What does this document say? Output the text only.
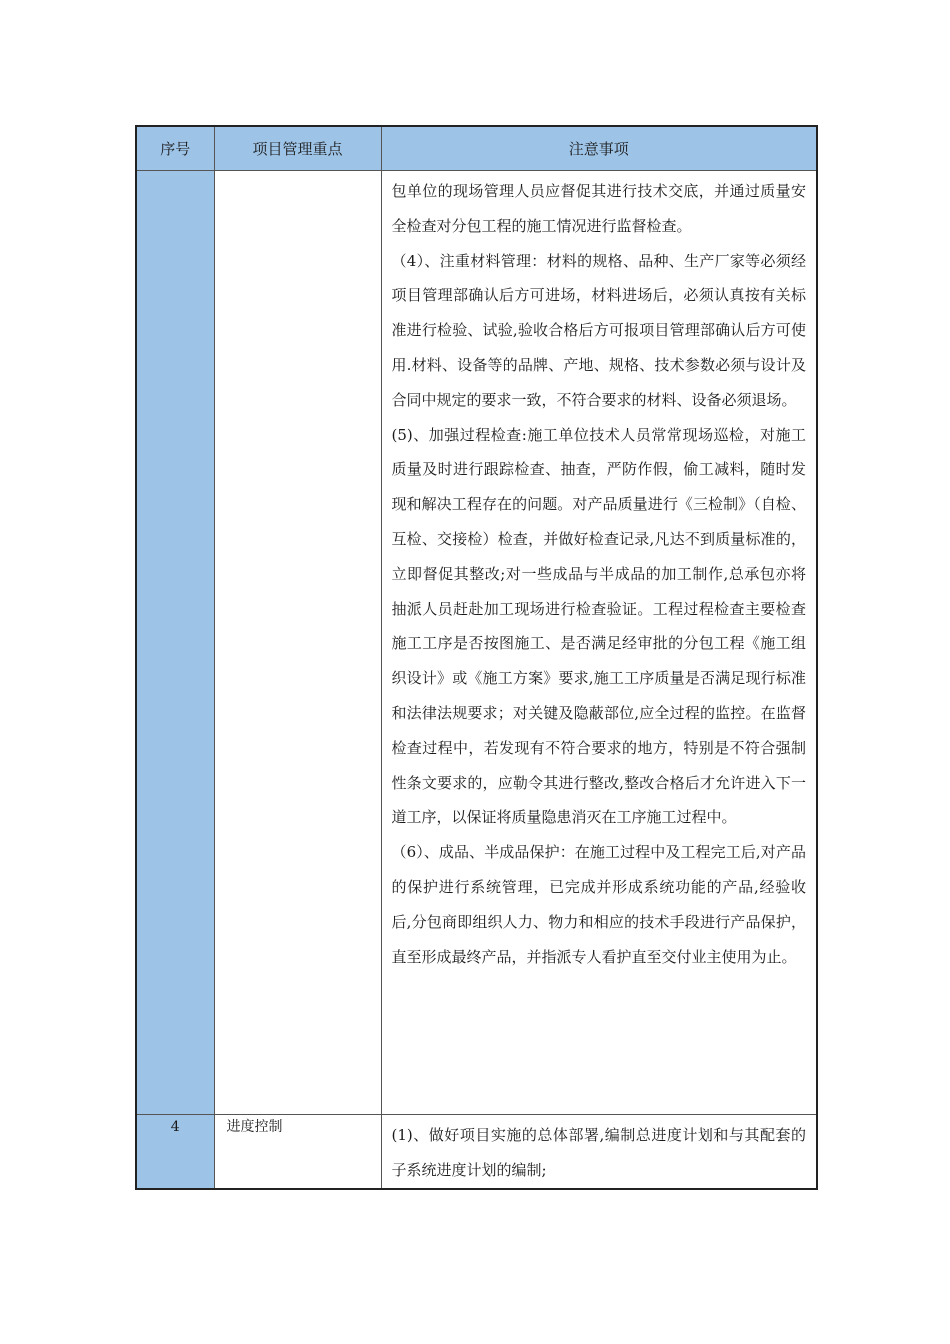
序号	项目管理重点	注意事项

		包单位的现场管理人员应督促其进行技术交底，并通过质量安全检查对分包工程的施工情况进行监督检查。
（4）、注重材料管理：材料的规格、品种、生产厂家等必须经项目管理部确认后方可进场，材料进场后，必须认真按有关标准进行检验、试验,验收合格后方可报项目管理部确认后方可使用.材料、设备等的品牌、产地、规格、技术参数必须与设计及合同中规定的要求一致，不符合要求的材料、设备必须退场。
(5)、加强过程检查:施工单位技术人员常常现场巡检，对施工质量及时进行跟踪检查、抽查，严防作假，偷工减料，随时发现和解决工程存在的问题。对产品质量进行《三检制》（自检、互检、交接检）检查，并做好检查记录,凡达不到质量标准的，立即督促其整改;对一些成品与半成品的加工制作,总承包亦将抽派人员赶赴加工现场进行检查验证。工程过程检查主要检查施工工序是否按图施工、是否满足经审批的分包工程《施工组织设计》或《施工方案》要求,施工工序质量是否满足现行标准和法律法规要求；对关键及隐蔽部位,应全过程的监控。在监督检查过程中，若发现有不符合要求的地方，特别是不符合强制性条文要求的，应勒令其进行整改,整改合格后才允许进入下一道工序，以保证将质量隐患消灭在工序施工过程中。
（6）、成品、半成品保护：在施工过程中及工程完工后,对产品的保护进行系统管理，已完成并形成系统功能的产品,经验收后,分包商即组织人力、物力和相应的技术手段进行产品保护，直至形成最终产品，并指派专人看护直至交付业主使用为止。

4	进度控制	(1)、做好项目实施的总体部署,编制总进度计划和与其配套的子系统进度计划的编制;
